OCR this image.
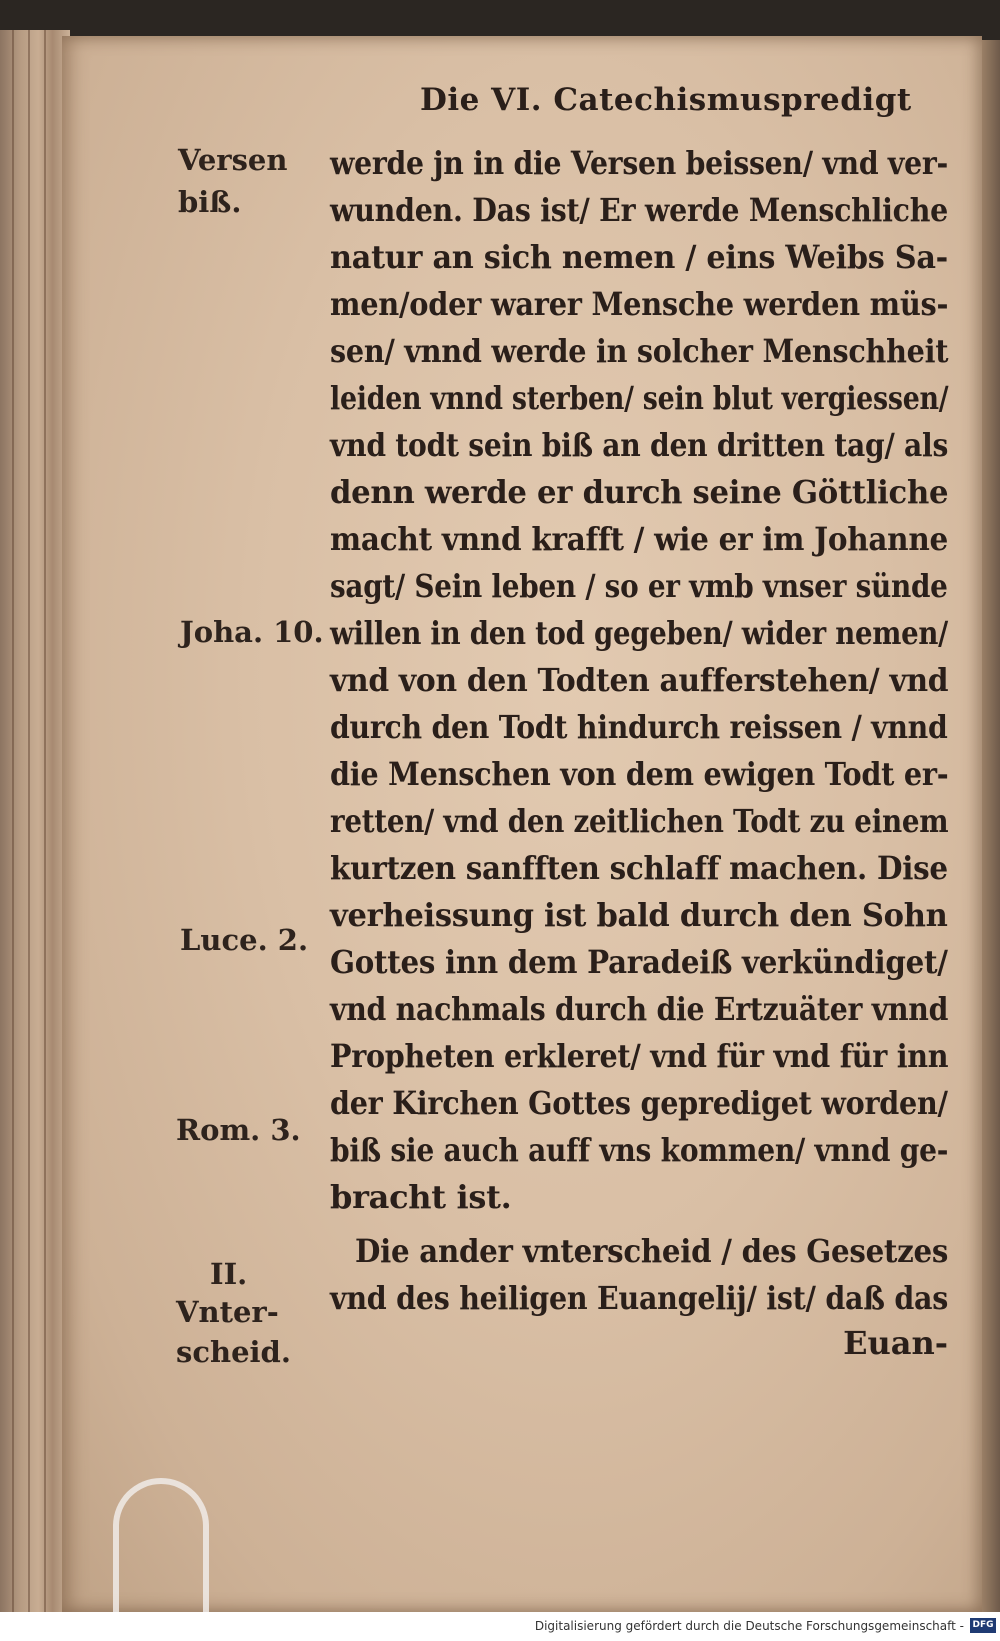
Die VI. Catechismuspredigt
Versen
biß.
Joha. 10.
Luce. 2.
Rom. 3.
II.
Vnter-
scheid.
werde jn in die Versen beissen/ vnd ver-
wunden. Das ist/ Er werde Menschliche
natur an sich nemen / eins Weibs Sa-
men/oder warer Mensche werden müs-
sen/ vnnd werde in solcher Menschheit
leiden vnnd sterben/ sein blut vergiessen/
vnd todt sein biß an den dritten tag/ als
denn werde er durch seine Göttliche
macht vnnd krafft / wie er im Johanne
sagt/ Sein leben / so er vmb vnser sünde
willen in den tod gegeben/ wider nemen/
vnd von den Todten aufferstehen/ vnd
durch den Todt hindurch reissen / vnnd
die Menschen von dem ewigen Todt er-
retten/ vnd den zeitlichen Todt zu einem
kurtzen sanfften schlaff machen. Dise
verheissung ist bald durch den Sohn
Gottes inn dem Paradeiß verkündiget/
vnd nachmals durch die Ertzuäter vnnd
Propheten erkleret/ vnd für vnd für inn
der Kirchen Gottes geprediget worden/
biß sie auch auff vns kommen/ vnnd ge-
bracht ist.
Die ander vnterscheid / des Gesetzes
vnd des heiligen Euangelij/ ist/ daß das
Euan-
Digitalisierung gefördert durch die Deutsche Forschungsgemeinschaft - DFG
